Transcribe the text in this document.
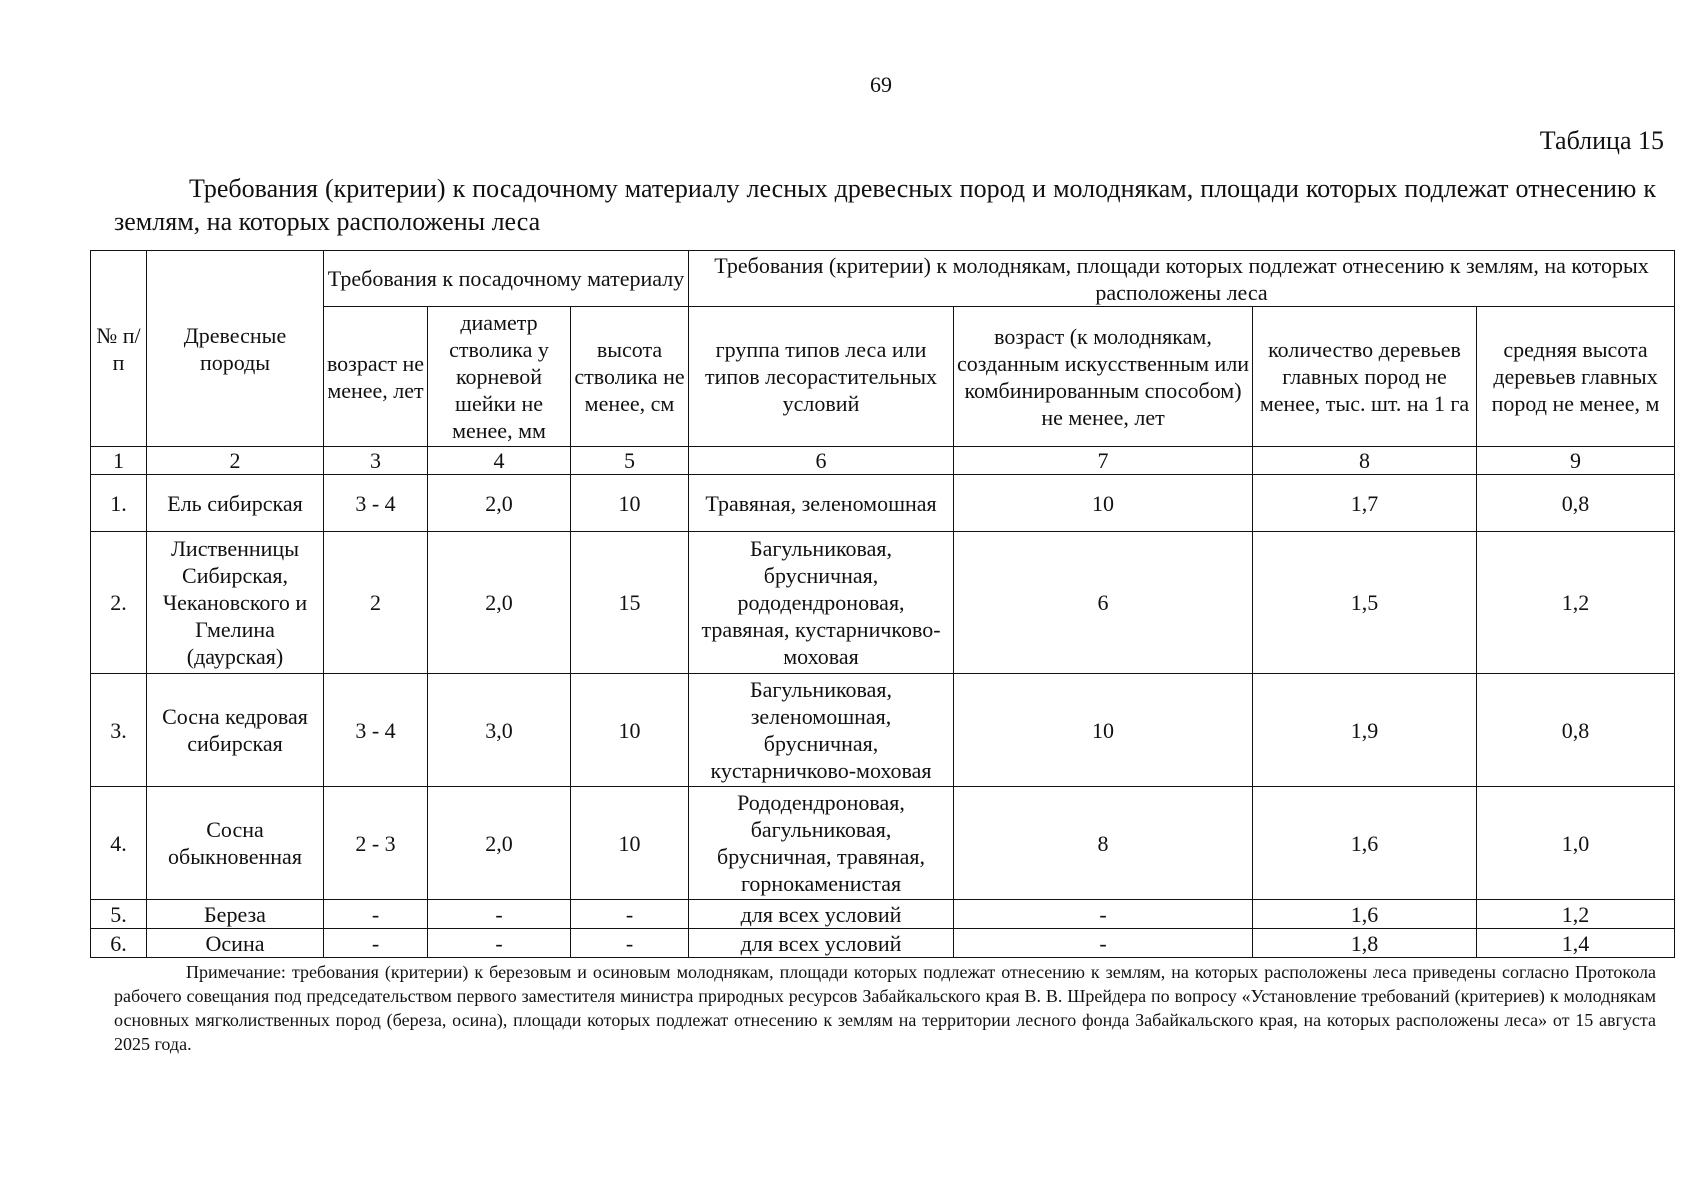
69
Таблица 15
Требования (критерии) к посадочному материалу лесных древесных пород и молоднякам, площади которых подлежат отнесению к землям, на которых расположены леса
№ п/п	Древесные породы	Требования к посадочному материалу			Требования (критерии) к молоднякам, площади которых подлежат отнесению к землям, на которых расположены леса			
		возраст не менее, лет	диаметр стволика у корневой шейки не менее, мм	высота стволика не менее, см	группа типов леса или типов лесорастительных условий	возраст (к молоднякам, созданным искусственным или комбинированным способом) не менее, лет	количество деревьев главных пород не менее, тыс. шт. на 1 га	средняя высота деревьев главных пород не менее, м
1	2	3	4	5	6	7	8	9
1.	Ель сибирская	3 - 4	2,0	10	Травяная, зеленомошная	10	1,7	0,8
2.	Лиственницы Сибирская, Чекановского и Гмелина (даурская)	2	2,0	15	Багульниковая, брусничная, рододендроновая, травяная, кустарничково-моховая	6	1,5	1,2
3.	Сосна кедровая сибирская	3 - 4	3,0	10	Багульниковая, зеленомошная, брусничная, кустарничково-моховая	10	1,9	0,8
4.	Сосна обыкновенная	2 - 3	2,0	10	Рододендроновая, багульниковая, брусничная, травяная, горнокаменистая	8	1,6	1,0
5.	Береза	-	-	-	для всех условий	-	1,6	1,2
6.	Осина	-	-	-	для всех условий	-	1,8	1,4
Примечание: требования (критерии) к березовым и осиновым молоднякам, площади которых подлежат отнесению к землям, на которых расположены леса приведены согласно Протокола рабочего совещания под председательством первого заместителя министра природных ресурсов Забайкальского края В. В. Шрейдера по вопросу «Установление требований (критериев) к молоднякам основных мягколиственных пород (береза, осина), площади которых подлежат отнесению к землям на территории лесного фонда Забайкальского края, на которых расположены леса» от 15 августа 2025 года.
